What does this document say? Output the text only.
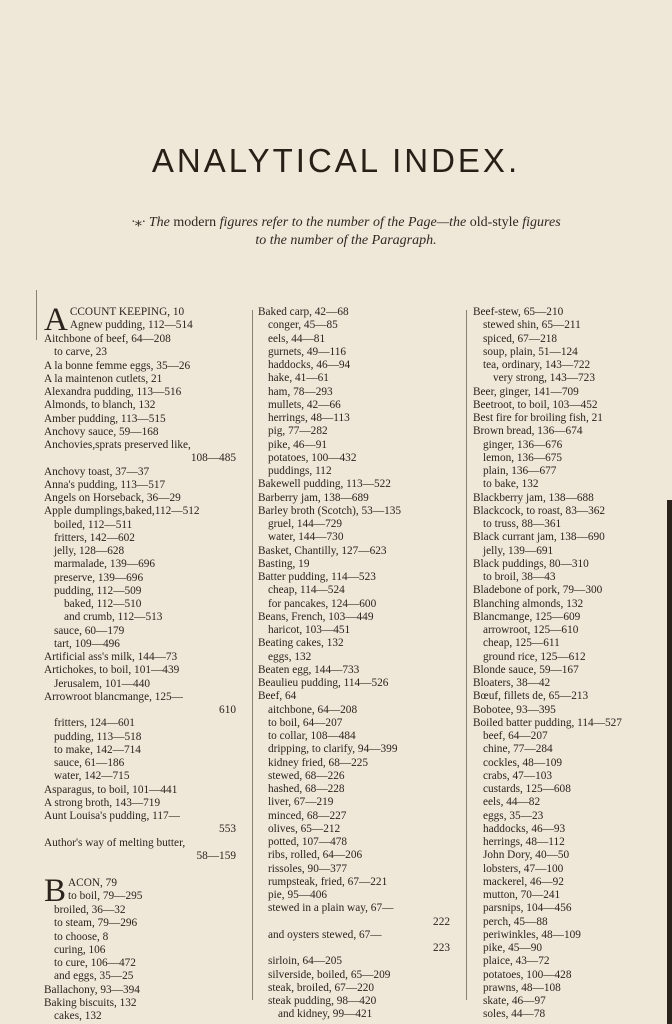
ANALYTICAL INDEX.
·⁎· The modern figures refer to the number of the Page—the old-style figures
to the number of the Paragraph.
A CCOUNT KEEPING, 10
Agnew pudding, 112—514
Aitchbone of beef, 64—208
to carve, 23
A la bonne femme eggs, 35—26
A la maintenon cutlets, 21
Alexandra pudding, 113—516
Almonds, to blanch, 132
Amber pudding, 113—515
Anchovy sauce, 59—168
Anchovies,sprats preserved like,
108—485
Anchovy toast, 37—37
Anna's pudding, 113—517
Angels on Horseback, 36—29
Apple dumplings,baked,112—512
boiled, 112—511
fritters, 142—602
jelly, 128—628
marmalade, 139—696
preserve, 139—696
pudding, 112—509
baked, 112—510
and crumb, 112—513
sauce, 60—179
tart, 109—496
Artificial ass's milk, 144—73
Artichokes, to boil, 101—439
Jerusalem, 101—440
Arrowroot blancmange, 125—
610
fritters, 124—601
pudding, 113—518
to make, 142—714
sauce, 61—186
water, 142—715
Asparagus, to boil, 101—441
A strong broth, 143—719
Aunt Louisa's pudding, 117—
553
Author's way of melting butter,
58—159
B ACON, 79
to boil, 79—295
broiled, 36—32
to steam, 79—296
to choose, 8
curing, 106
to cure, 106—472
and eggs, 35—25
Ballachony, 93—394
Baking biscuits, 132
cakes, 132
Baked carp, 42—68
conger, 45—85
eels, 44—81
gurnets, 49—116
haddocks, 46—94
hake, 41—61
ham, 78—293
mullets, 42—66
herrings, 48—113
pig, 77—282
pike, 46—91
potatoes, 100—432
puddings, 112
Bakewell pudding, 113—522
Barberry jam, 138—689
Barley broth (Scotch), 53—135
gruel, 144—729
water, 144—730
Basket, Chantilly, 127—623
Basting, 19
Batter pudding, 114—523
cheap, 114—524
for pancakes, 124—600
Beans, French, 103—449
haricot, 103—451
Beating cakes, 132
eggs, 132
Beaten egg, 144—733
Beaulieu pudding, 114—526
Beef, 64
aitchbone, 64—208
to boil, 64—207
to collar, 108—484
dripping, to clarify, 94—399
kidney fried, 68—225
stewed, 68—226
hashed, 68—228
liver, 67—219
minced, 68—227
olives, 65—212
potted, 107—478
ribs, rolled, 64—206
rissoles, 90—377
rumpsteak, fried, 67—221
pie, 95—406
stewed in a plain way, 67—
222
and oysters stewed, 67—
223
sirloin, 64—205
silverside, boiled, 65—209
steak, broiled, 67—220
steak pudding, 98—420
and kidney, 99—421
Beef-stew, 65—210
stewed shin, 65—211
spiced, 67—218
soup, plain, 51—124
tea, ordinary, 143—722
very strong, 143—723
Beer, ginger, 141—709
Beetroot, to boil, 103—452
Best fire for broiling fish, 21
Brown bread, 136—674
ginger, 136—676
lemon, 136—675
plain, 136—677
to bake, 132
Blackberry jam, 138—688
Blackcock, to roast, 83—362
to truss, 88—361
Black currant jam, 138—690
jelly, 139—691
Black puddings, 80—310
to broil, 38—43
Bladebone of pork, 79—300
Blanching almonds, 132
Blancmange, 125—609
arrowroot, 125—610
cheap, 125—611
ground rice, 125—612
Blonde sauce, 59—167
Bloaters, 38—42
Bœuf, fillets de, 65—213
Bobotee, 93—395
Boiled batter pudding, 114—527
beef, 64—207
chine, 77—284
cockles, 48—109
crabs, 47—103
custards, 125—608
eels, 44—82
eggs, 35—23
haddocks, 46—93
herrings, 48—112
John Dory, 40—50
lobsters, 47—100
mackerel, 46—92
mutton, 70—241
parsnips, 104—456
perch, 45—88
periwinkles, 48—109
pike, 45—90
plaice, 43—72
potatoes, 100—428
prawns, 48—108
skate, 46—97
soles, 44—78
